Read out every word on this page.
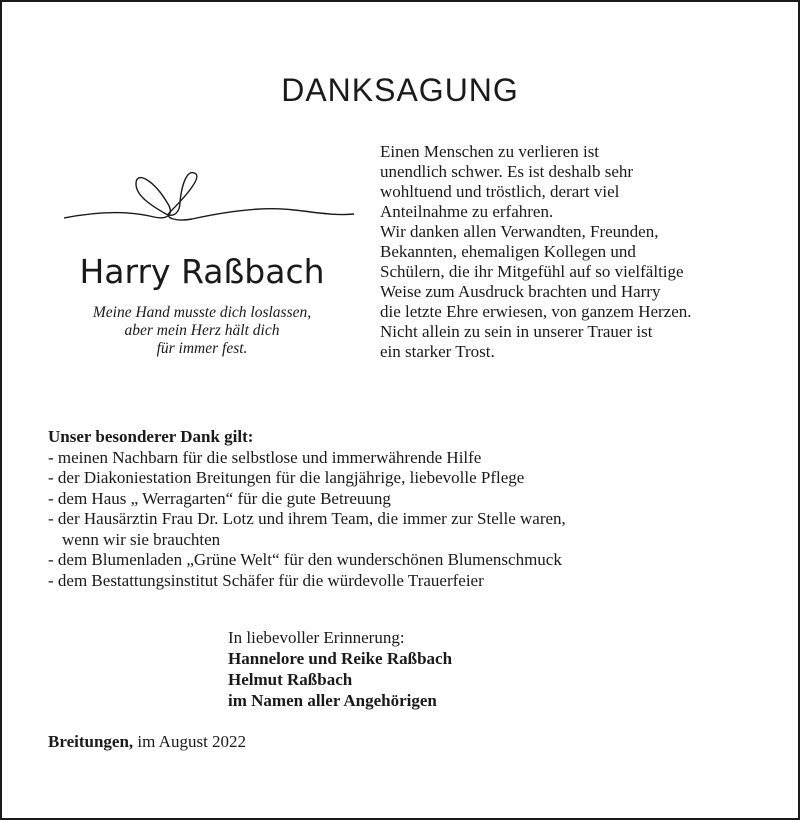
DANKSAGUNG
Harry Raßbach
Meine Hand musste dich loslassen,
aber mein Herz hält dich
für immer fest.
Einen Menschen zu verlieren ist
unendlich schwer. Es ist deshalb sehr
wohltuend und tröstlich, derart viel
Anteilnahme zu erfahren.
Wir danken allen Verwandten, Freunden,
Bekannten, ehemaligen Kollegen und
Schülern, die ihr Mitgefühl auf so vielfältige
Weise zum Ausdruck brachten und Harry
die letzte Ehre erwiesen, von ganzem Herzen.
Nicht allein zu sein in unserer Trauer ist
ein starker Trost.
Unser besonderer Dank gilt:
- meinen Nachbarn für die selbstlose und immerwährende Hilfe
- der Diakoniestation Breitungen für die langjährige, liebevolle Pflege
- dem Haus „ Werragarten“ für die gute Betreuung
- der Hausärztin Frau Dr. Lotz und ihrem Team, die immer zur Stelle waren,
wenn wir sie brauchten
- dem Blumenladen „Grüne Welt“ für den wunderschönen Blumenschmuck
- dem Bestattungsinstitut Schäfer für die würdevolle Trauerfeier
In liebevoller Erinnerung:
Hannelore und Reike Raßbach
Helmut Raßbach
im Namen aller Angehörigen
Breitungen, im August 2022
